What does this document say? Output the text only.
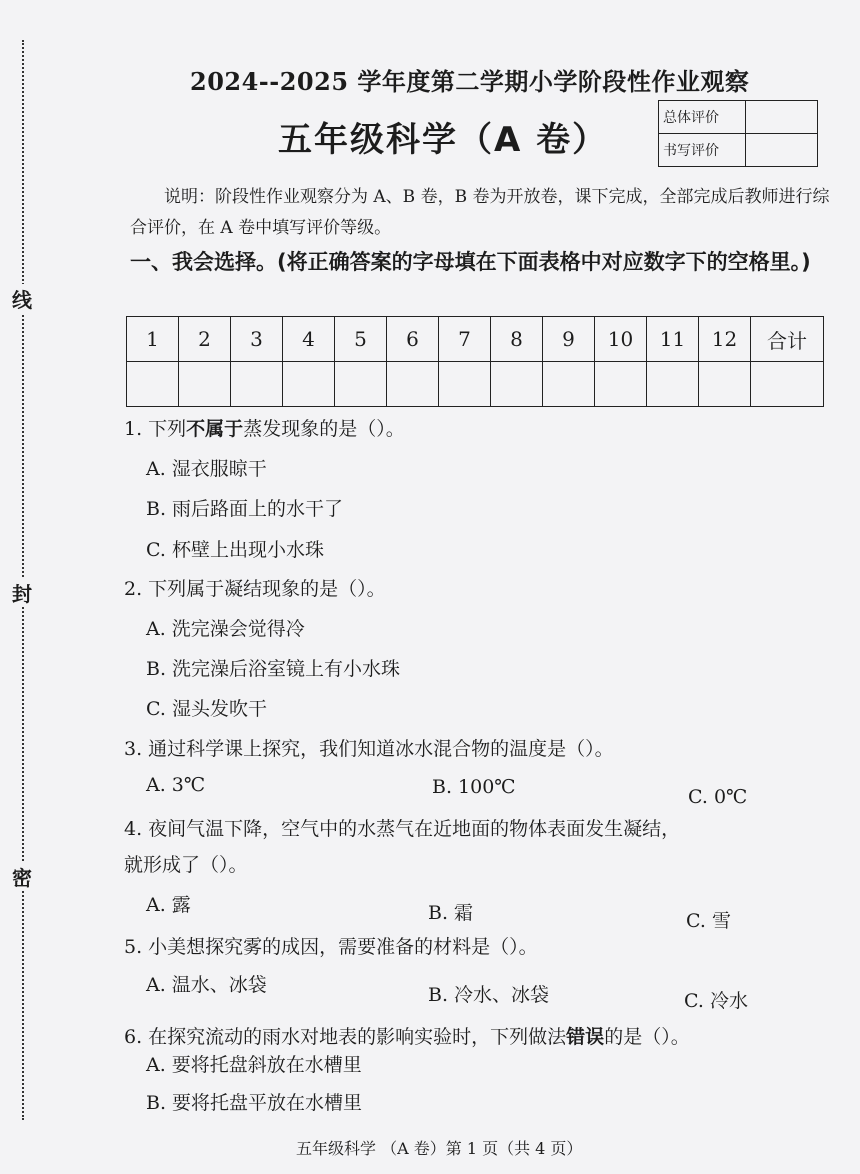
线
封
密
2024--2025 学年度第二学期小学阶段性作业观察
五年级科学（A 卷）
总体评价	
书写评价	
说明：阶段性作业观察分为 A、B 卷，B 卷为开放卷，课下完成，全部完成后教师进行综合评价，在 A 卷中填写评价等级。
一、我会选择。(将正确答案的字母填在下面表格中对应数字下的空格里。)
1	2	3	4	5	6	7	8	9	10	11	12	合计

1. 下列不属于蒸发现象的是（）。
A. 湿衣服晾干
B. 雨后路面上的水干了
C. 杯壁上出现小水珠
2. 下列属于凝结现象的是（）。
A. 洗完澡会觉得冷
B. 洗完澡后浴室镜上有小水珠
C. 湿头发吹干
3. 通过科学课上探究，我们知道冰水混合物的温度是（）。
A. 3℃	B. 100℃	C. 0℃
4. 夜间气温下降，空气中的水蒸气在近地面的物体表面发生凝结，
就形成了（）。
A. 露	B. 霜	C. 雪
5. 小美想探究雾的成因，需要准备的材料是（）。
A. 温水、冰袋	B. 冷水、冰袋	C. 冷水
6. 在探究流动的雨水对地表的影响实验时，下列做法错误的是（）。
A. 要将托盘斜放在水槽里
B. 要将托盘平放在水槽里
五年级科学 （A 卷）第 1 页（共 4 页）
